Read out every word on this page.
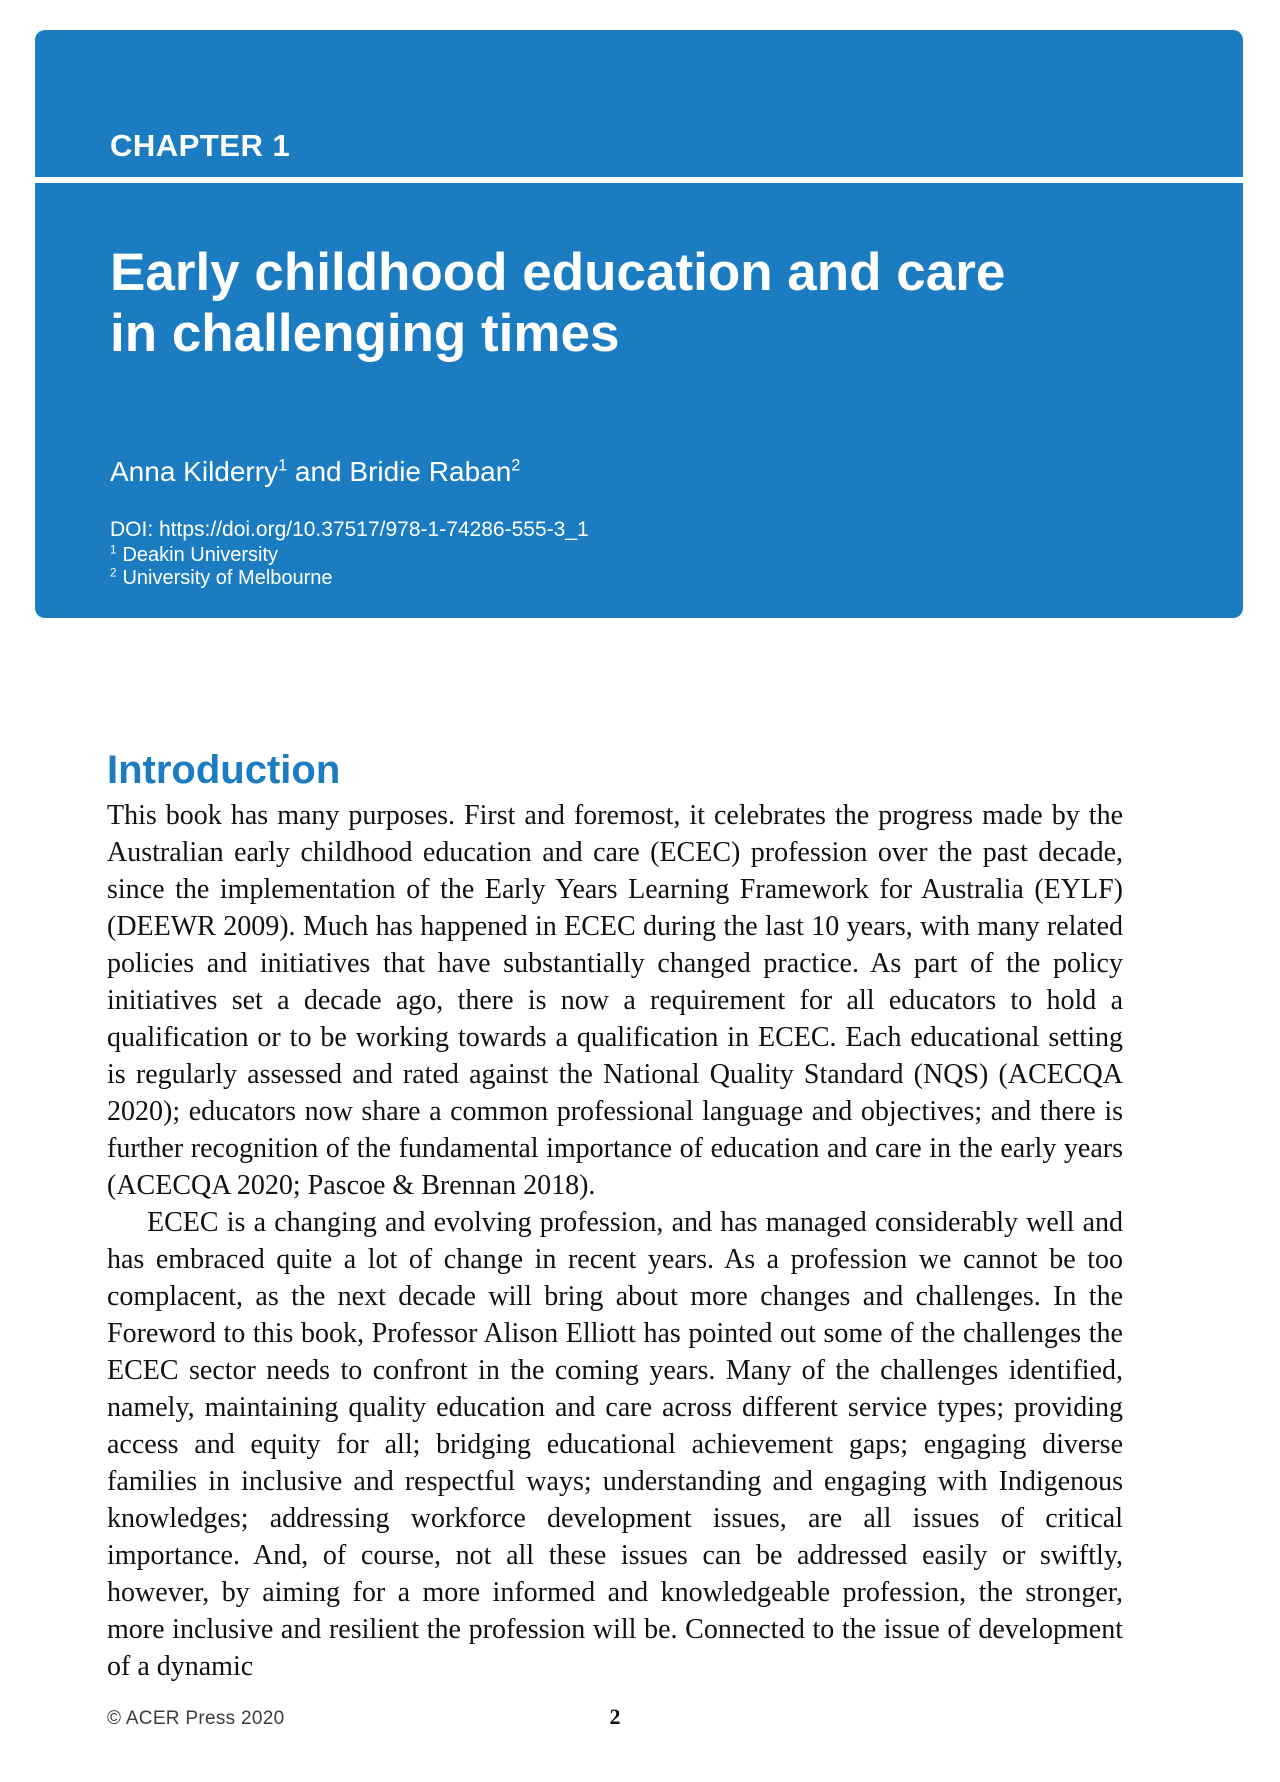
CHAPTER 1
Early childhood education and care
in challenging times
Anna Kilderry$^1$ and Bridie Raban$^2$
DOI: https://doi.org/10.37517/978-1-74286-555-3_1
$^1$ Deakin University
$^2$ University of Melbourne
Introduction

This book has many purposes. First and foremost, it celebrates the progress made by the Australian early childhood education and care (ECEC) profession over the past decade, since the implementation of the Early Years Learning Framework for Australia (EYLF) (DEEWR 2009). Much has happened in ECEC during the last 10 years, with many related policies and initiatives that have substantially changed practice. As part of the policy initiatives set a decade ago, there is now a requirement for all educators to hold a qualification or to be working towards a qualification in ECEC. Each educational setting is regularly assessed and rated against the National Quality Standard (NQS) (ACECQA 2020); educators now share a common professional language and objectives; and there is further recognition of the fundamental importance of education and care in the early years (ACECQA 2020; Pascoe & Brennan 2018).

ECEC is a changing and evolving profession, and has managed considerably well and has embraced quite a lot of change in recent years. As a profession we cannot be too complacent, as the next decade will bring about more changes and challenges. In the Foreword to this book, Professor Alison Elliott has pointed out some of the challenges the ECEC sector needs to confront in the coming years. Many of the challenges identified, namely, maintaining quality education and care across different service types; providing access and equity for all; bridging educational achievement gaps; engaging diverse families in inclusive and respectful ways; understanding and engaging with Indigenous knowledges; addressing workforce development issues, are all issues of critical importance. And, of course, not all these issues can be addressed easily or swiftly, however, by aiming for a more informed and knowledgeable profession, the stronger, more inclusive and resilient the profession will be. Connected to the issue of development of a dynamic

© ACER Press 2020	2
